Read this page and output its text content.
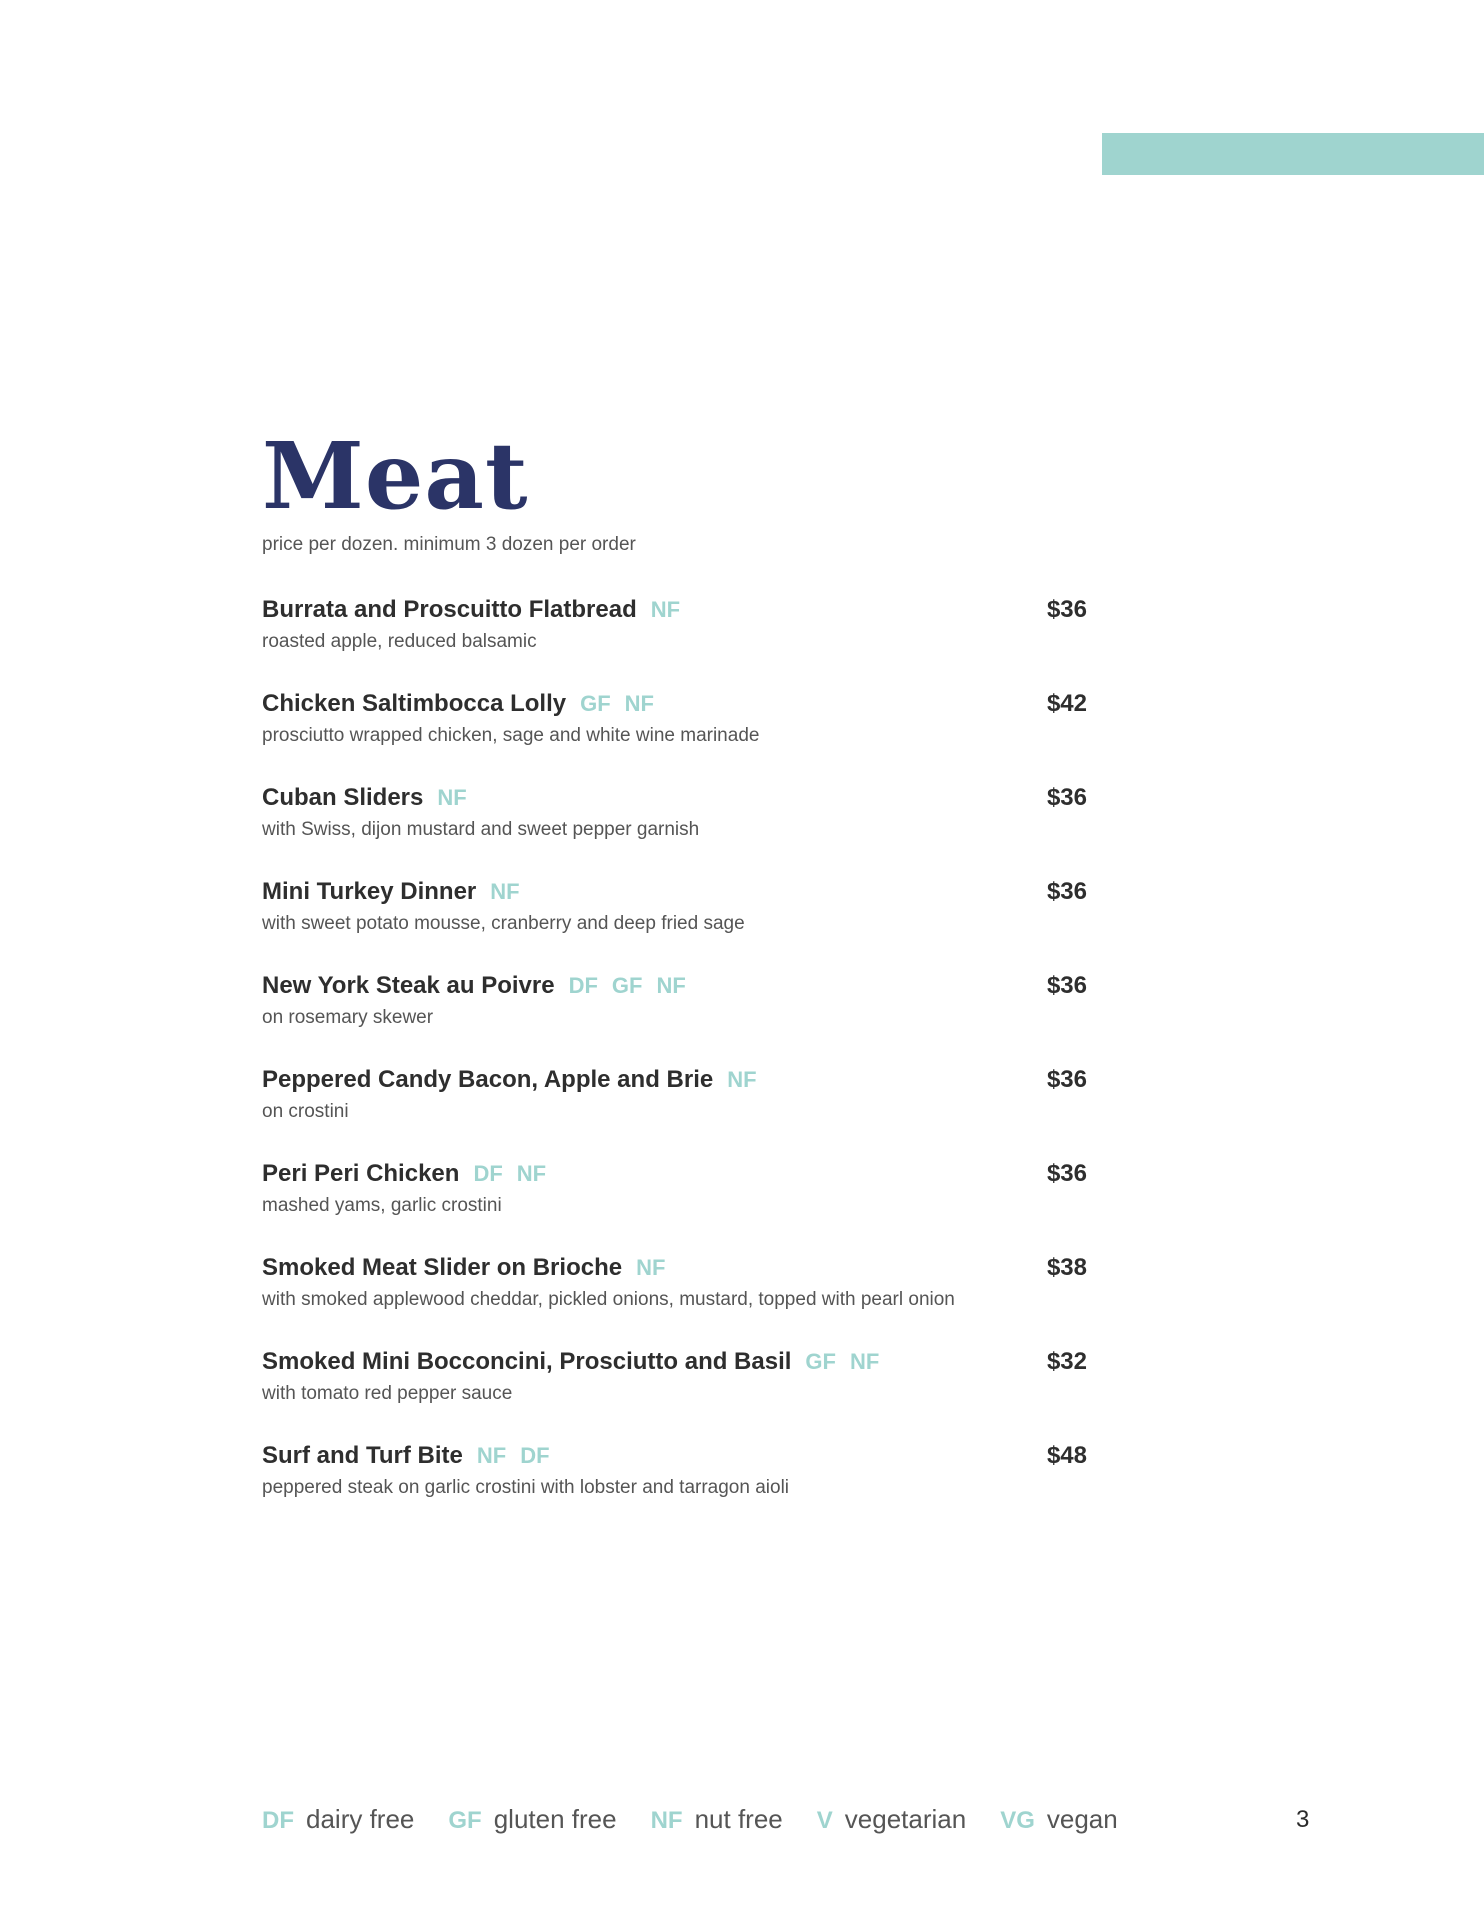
Meat
price per dozen. minimum 3 dozen per order
Burrata and Proscuitto Flatbread NF	$36
roasted apple, reduced balsamic
Chicken Saltimbocca Lolly GF NF	$42
prosciutto wrapped chicken, sage and white wine marinade
Cuban Sliders NF	$36
with Swiss, dijon mustard and sweet pepper garnish
Mini Turkey Dinner NF	$36
with sweet potato mousse, cranberry and deep fried sage
New York Steak au Poivre DF GF NF	$36
on rosemary skewer
Peppered Candy Bacon, Apple and Brie NF	$36
on crostini
Peri Peri Chicken DF NF	$36
mashed yams, garlic crostini
Smoked Meat Slider on Brioche NF	$38
with smoked applewood cheddar, pickled onions, mustard, topped with pearl onion
Smoked Mini Bocconcini, Prosciutto and Basil GF NF	$32
with tomato red pepper sauce
Surf and Turf Bite NF DF	$48
peppered steak on garlic crostini with lobster and tarragon aioli
DF dairy free GF gluten free NF nut free V vegetarian VG vegan	3
